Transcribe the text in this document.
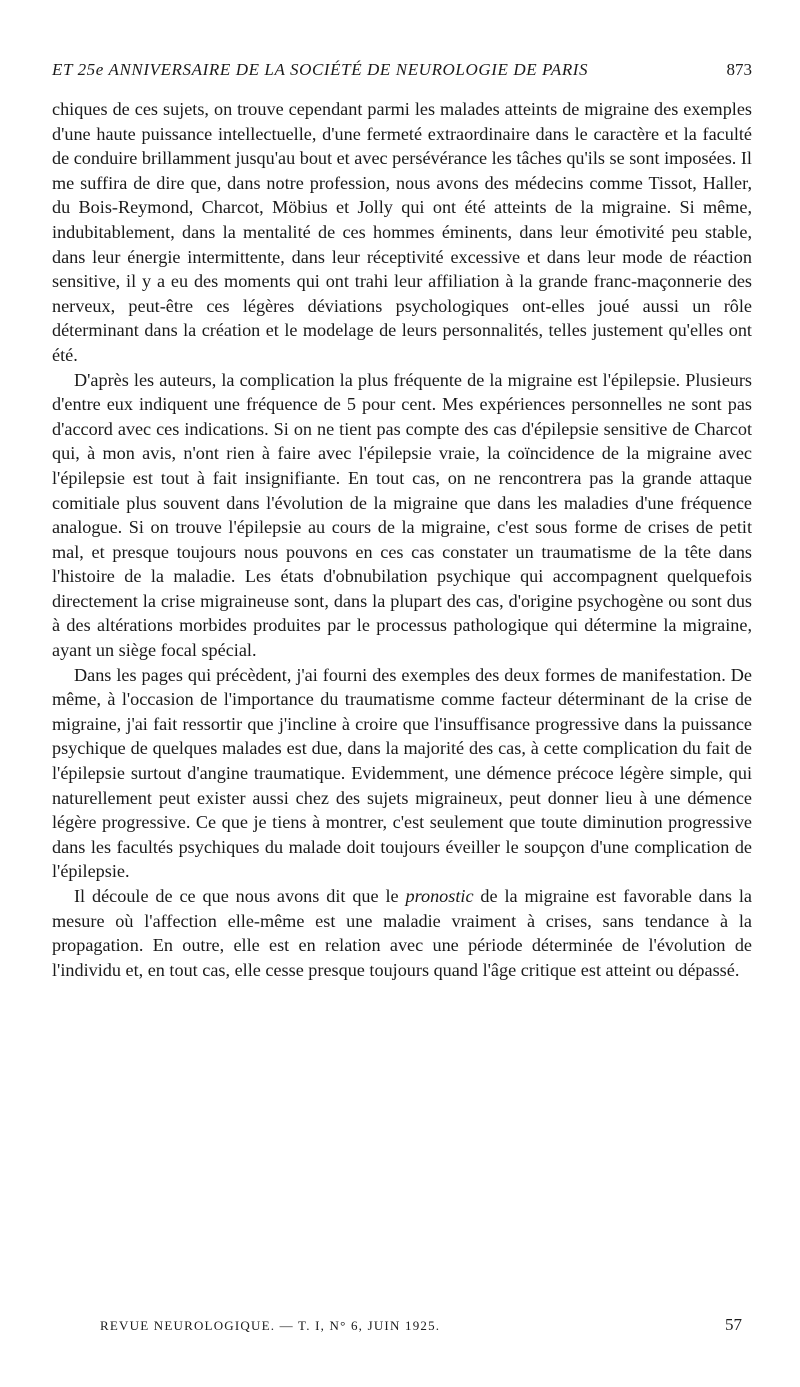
ET 25e ANNIVERSAIRE DE LA SOCIÉTÉ DE NEUROLOGIE DE PARIS	873

chiques de ces sujets, on trouve cependant parmi les malades atteints de migraine des exemples d'une haute puissance intellectuelle, d'une fermeté extraordinaire dans le caractère et la faculté de conduire brillamment jusqu'au bout et avec persévérance les tâches qu'ils se sont imposées. Il me suffira de dire que, dans notre profession, nous avons des médecins comme Tissot, Haller, du Bois-Reymond, Charcot, Möbius et Jolly qui ont été atteints de la migraine. Si même, indubitablement, dans la mentalité de ces hommes éminents, dans leur émotivité peu stable, dans leur énergie intermittente, dans leur réceptivité excessive et dans leur mode de réaction sensitive, il y a eu des moments qui ont trahi leur affiliation à la grande franc-maçonnerie des nerveux, peut-être ces légères déviations psychologiques ont-elles joué aussi un rôle déterminant dans la création et le modelage de leurs personnalités, telles justement qu'elles ont été.

D'après les auteurs, la complication la plus fréquente de la migraine est l'épilepsie. Plusieurs d'entre eux indiquent une fréquence de 5 pour cent. Mes expériences personnelles ne sont pas d'accord avec ces indications. Si on ne tient pas compte des cas d'épilepsie sensitive de Charcot qui, à mon avis, n'ont rien à faire avec l'épilepsie vraie, la coïncidence de la migraine avec l'épilepsie est tout à fait insignifiante. En tout cas, on ne rencontrera pas la grande attaque comitiale plus souvent dans l'évolution de la migraine que dans les maladies d'une fréquence analogue. Si on trouve l'épilepsie au cours de la migraine, c'est sous forme de crises de petit mal, et presque toujours nous pouvons en ces cas constater un traumatisme de la tête dans l'histoire de la maladie. Les états d'obnubilation psychique qui accompagnent quelquefois directement la crise migraineuse sont, dans la plupart des cas, d'origine psychogène ou sont dus à des altérations morbides produites par le processus pathologique qui détermine la migraine, ayant un siège focal spécial.

Dans les pages qui précèdent, j'ai fourni des exemples des deux formes de manifestation. De même, à l'occasion de l'importance du traumatisme comme facteur déterminant de la crise de migraine, j'ai fait ressortir que j'incline à croire que l'insuffisance progressive dans la puissance psychique de quelques malades est due, dans la majorité des cas, à cette complication du fait de l'épilepsie surtout d'angine traumatique. Evidemment, une démence précoce légère simple, qui naturellement peut exister aussi chez des sujets migraineux, peut donner lieu à une démence légère progressive. Ce que je tiens à montrer, c'est seulement que toute diminution progressive dans les facultés psychiques du malade doit toujours éveiller le soupçon d'une complication de l'épilepsie.

Il découle de ce que nous avons dit que le pronostic de la migraine est favorable dans la mesure où l'affection elle-même est une maladie vraiment à crises, sans tendance à la propagation. En outre, elle est en relation avec une période déterminée de l'évolution de l'individu et, en tout cas, elle cesse presque toujours quand l'âge critique est atteint ou dépassé.

REVUE NEUROLOGIQUE. — T. I, N° 6, JUIN 1925.	57
